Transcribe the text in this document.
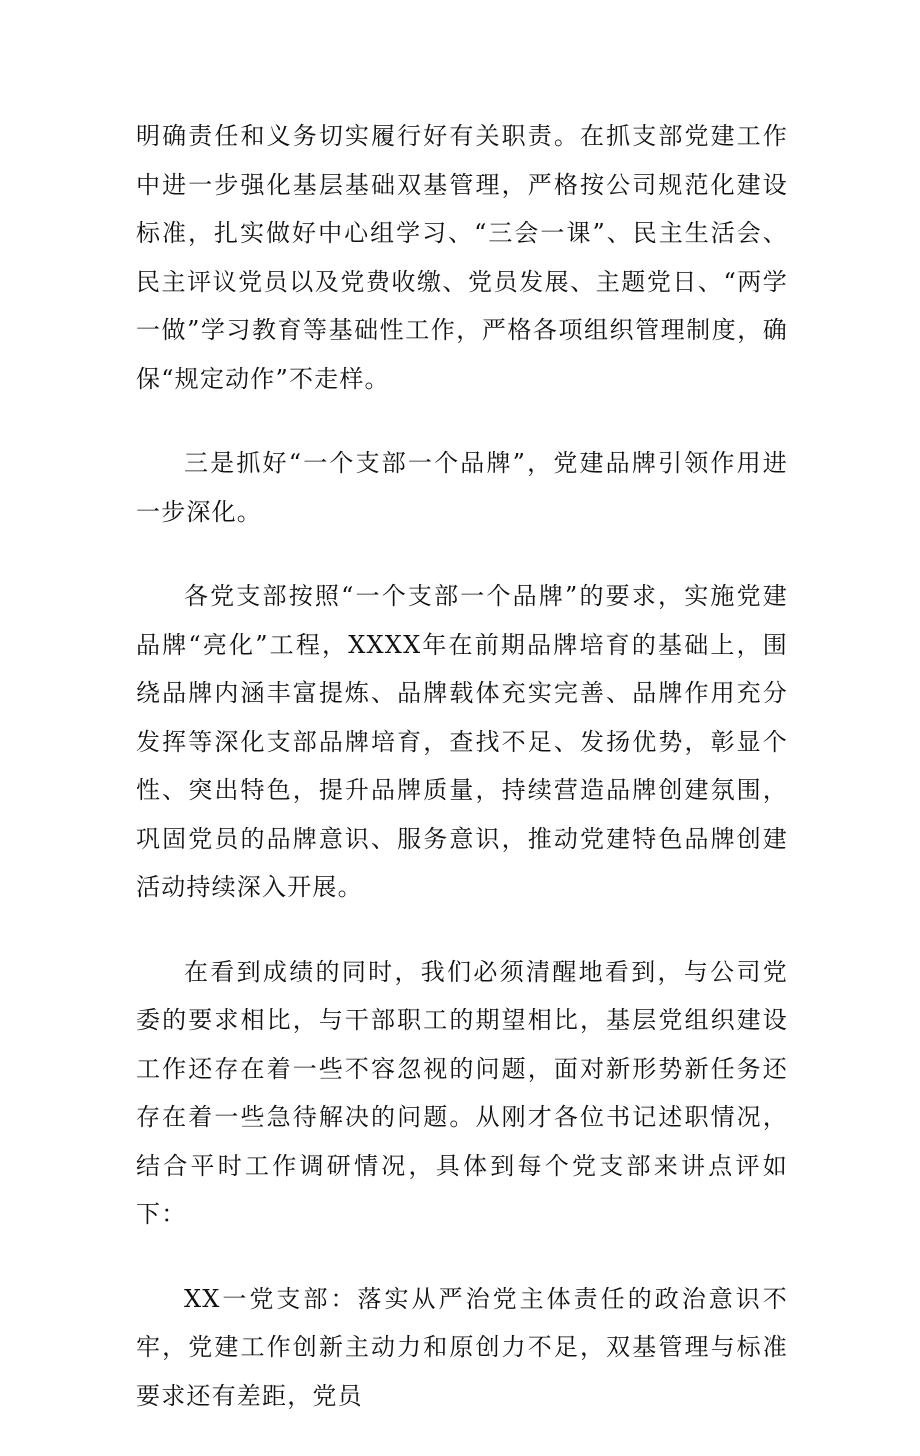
明确责任和义务切实履行好有关职责。在抓支部党建工作中进一步强化基层基础双基管理，严格按公司规范化建设标准，扎实做好中心组学习、“三会一课”、民主生活会、民主评议党员以及党费收缴、党员发展、主题党日、“两学一做”学习教育等基础性工作，严格各项组织管理制度，确保“规定动作”不走样。

三是抓好“一个支部一个品牌”，党建品牌引领作用进一步深化。

各党支部按照“一个支部一个品牌”的要求，实施党建品牌“亮化”工程，XXXX年在前期品牌培育的基础上，围绕品牌内涵丰富提炼、品牌载体充实完善、品牌作用充分发挥等深化支部品牌培育，查找不足、发扬优势，彰显个性、突出特色，提升品牌质量，持续营造品牌创建氛围，巩固党员的品牌意识、服务意识，推动党建特色品牌创建活动持续深入开展。

在看到成绩的同时，我们必须清醒地看到，与公司党委的要求相比，与干部职工的期望相比，基层党组织建设工作还存在着一些不容忽视的问题，面对新形势新任务还存在着一些急待解决的问题。从刚才各位书记述职情况，结合平时工作调研情况，具体到每个党支部来讲点评如下：

XX一党支部：落实从严治党主体责任的政治意识不牢，党建工作创新主动力和原创力不足，双基管理与标准要求还有差距，党员
